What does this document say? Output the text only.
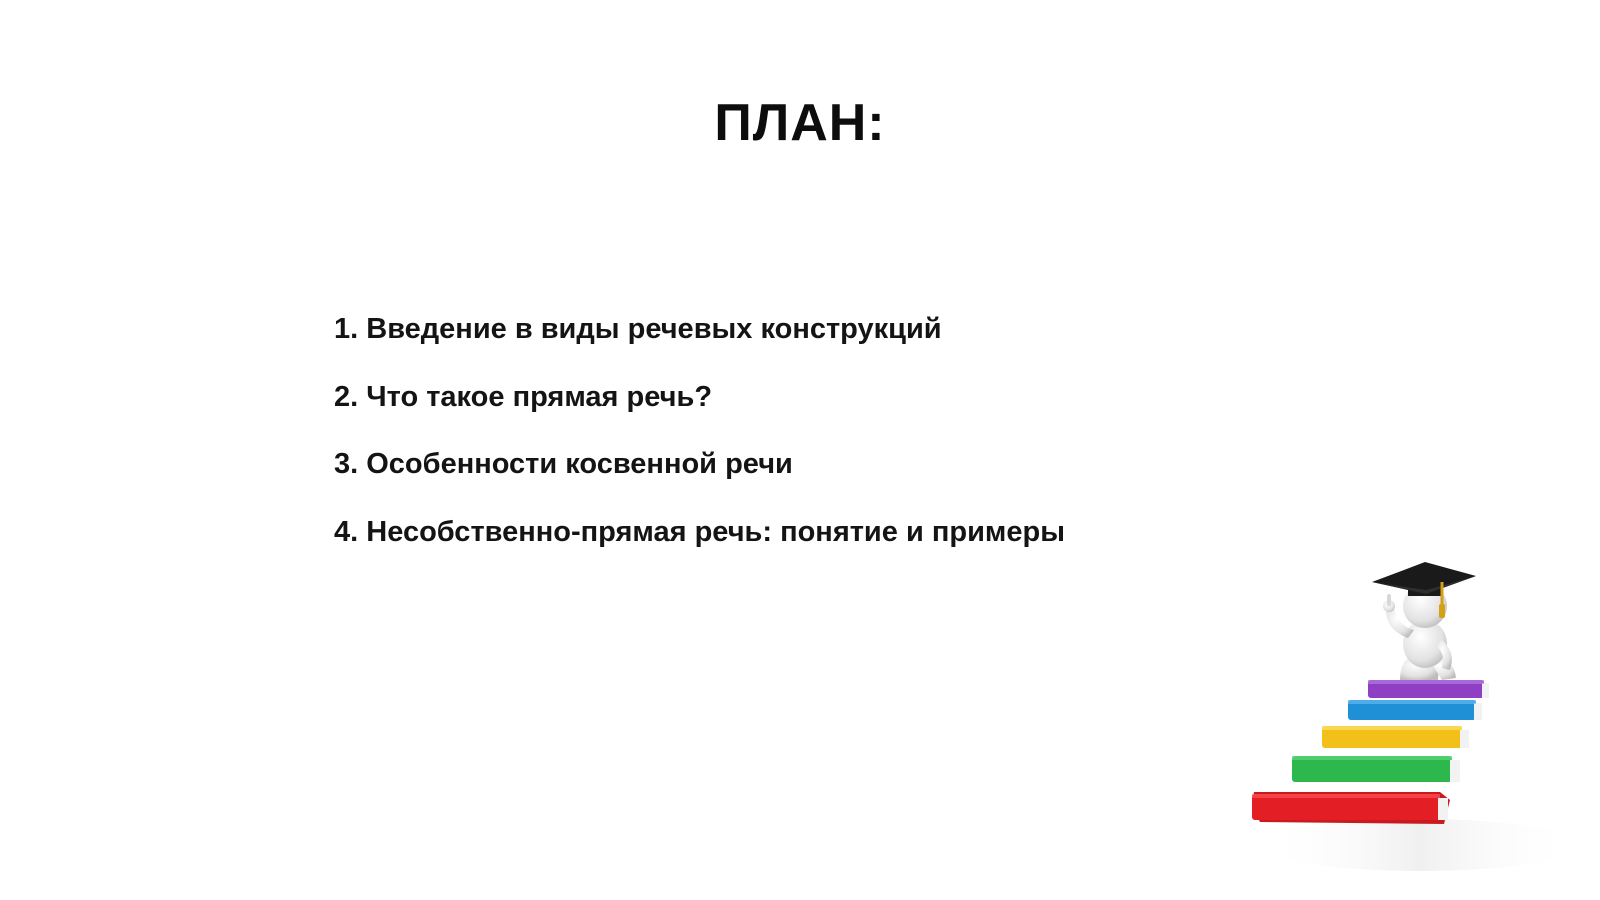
ПЛАН:
1. Введение в виды речевых конструкций
2. Что такое прямая речь?
3. Особенности косвенной речи
4. Несобственно-прямая речь: понятие и примеры
